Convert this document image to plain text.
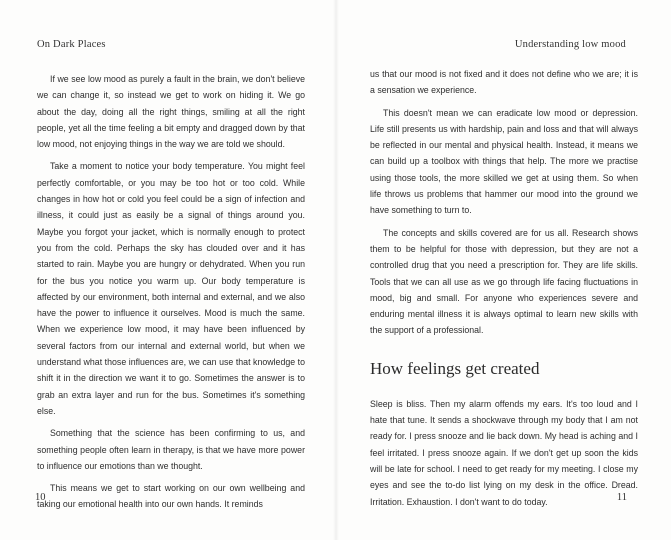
On Dark Places

If we see low mood as purely a fault in the brain, we don't believe we can change it, so instead we get to work on hiding it. We go about the day, doing all the right things, smiling at all the right people, yet all the time feeling a bit empty and dragged down by that low mood, not enjoying things in the way we are told we should.

Take a moment to notice your body temperature. You might feel perfectly comfortable, or you may be too hot or too cold. While changes in how hot or cold you feel could be a sign of infection and illness, it could just as easily be a signal of things around you. Maybe you forgot your jacket, which is normally enough to protect you from the cold. Perhaps the sky has clouded over and it has started to rain. Maybe you are hungry or dehydrated. When you run for the bus you notice you warm up. Our body temperature is affected by our environment, both internal and external, and we also have the power to influence it ourselves. Mood is much the same. When we experience low mood, it may have been influenced by several factors from our internal and external world, but when we understand what those influences are, we can use that knowledge to shift it in the direction we want it to go. Sometimes the answer is to grab an extra layer and run for the bus. Sometimes it's something else.

Something that the science has been confirming to us, and something people often learn in therapy, is that we have more power to influence our emotions than we thought.

This means we get to start working on our own wellbeing and taking our emotional health into our own hands. It reminds

10
Understanding low mood

us that our mood is not fixed and it does not define who we are; it is a sensation we experience.

This doesn't mean we can eradicate low mood or depression. Life still presents us with hardship, pain and loss and that will always be reflected in our mental and physical health. Instead, it means we can build up a toolbox with things that help. The more we practise using those tools, the more skilled we get at using them. So when life throws us problems that hammer our mood into the ground we have something to turn to.

The concepts and skills covered are for us all. Research shows them to be helpful for those with depression, but they are not a controlled drug that you need a prescription for. They are life skills. Tools that we can all use as we go through life facing fluctuations in mood, big and small. For anyone who experiences severe and enduring mental illness it is always optimal to learn new skills with the support of a professional.

How feelings get created

Sleep is bliss. Then my alarm offends my ears. It's too loud and I hate that tune. It sends a shockwave through my body that I am not ready for. I press snooze and lie back down. My head is aching and I feel irritated. I press snooze again. If we don't get up soon the kids will be late for school. I need to get ready for my meeting. I close my eyes and see the to-do list lying on my desk in the office. Dread. Irritation. Exhaustion. I don't want to do today.	11
